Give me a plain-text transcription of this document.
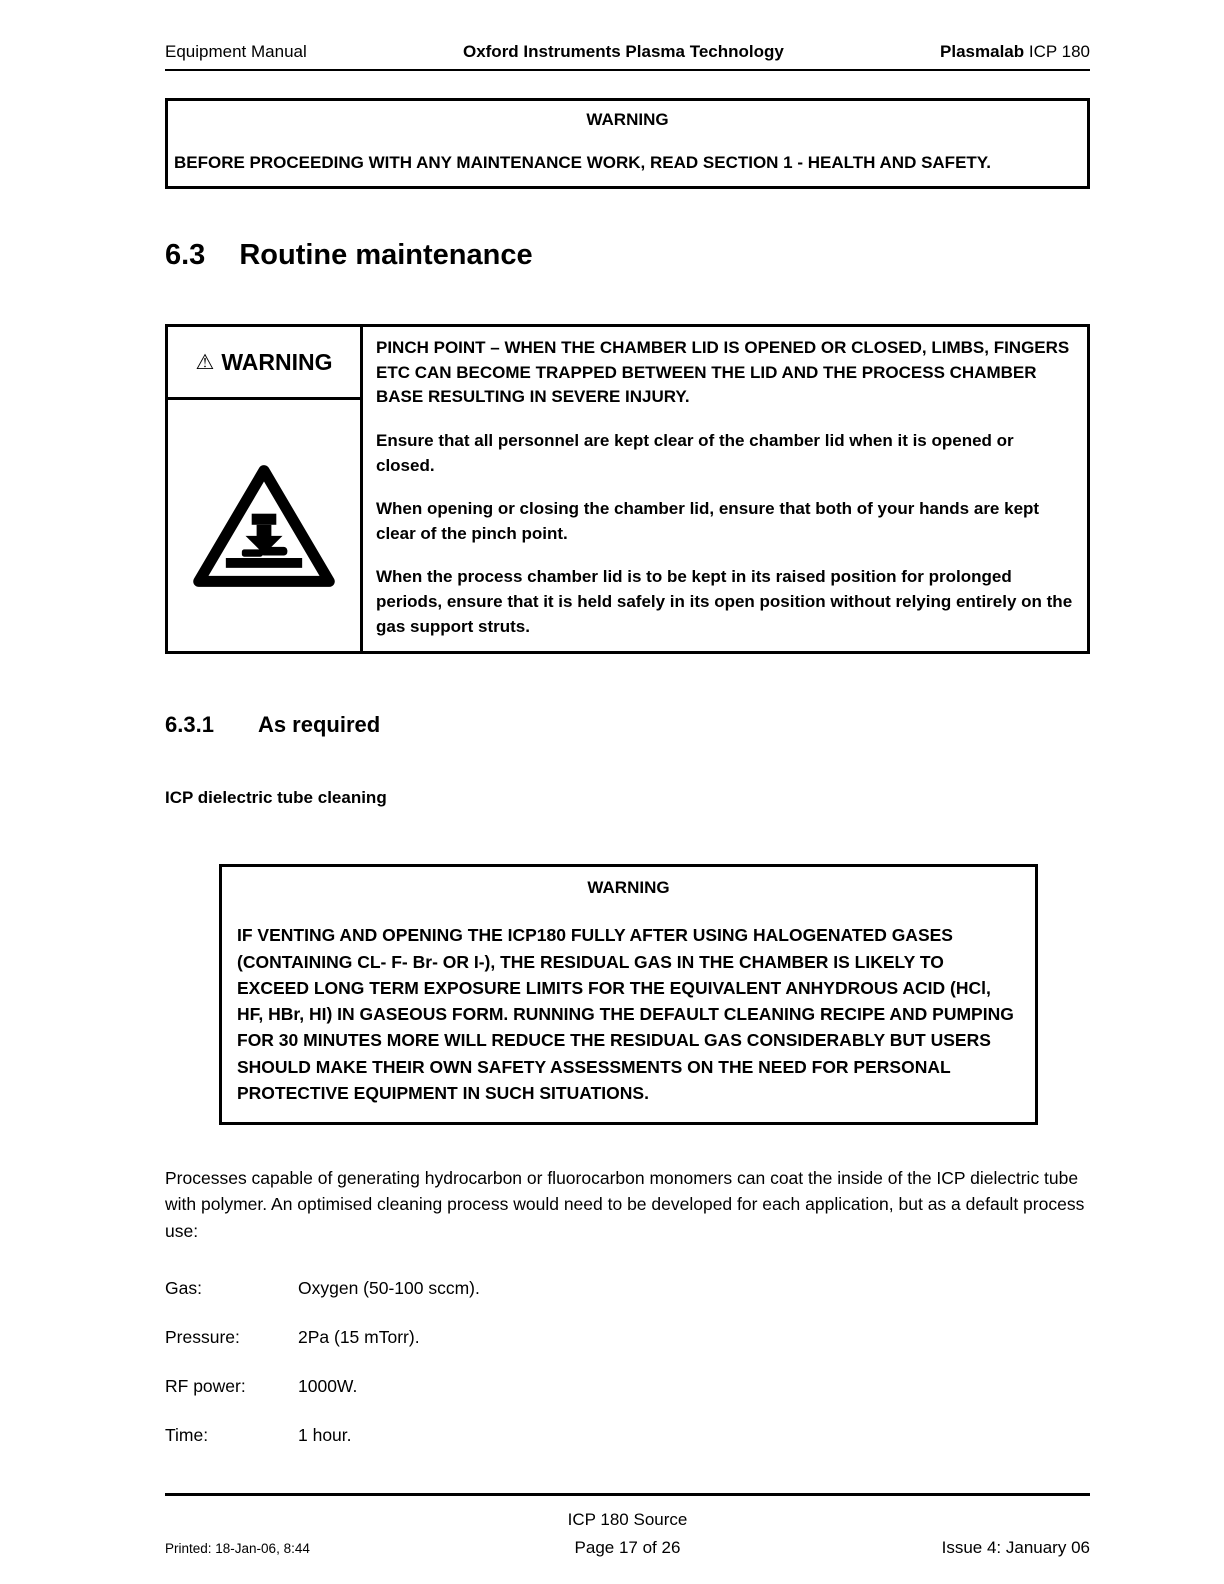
Equipment Manual	Oxford Instruments Plasma Technology	Plasmalab ICP 180
WARNING
BEFORE PROCEEDING WITH ANY MAINTENANCE WORK, READ SECTION 1 - HEALTH AND SAFETY.
6.3 Routine maintenance
⚠ WARNING

PINCH POINT – WHEN THE CHAMBER LID IS OPENED OR CLOSED, LIMBS, FINGERS ETC CAN BECOME TRAPPED BETWEEN THE LID AND THE PROCESS CHAMBER BASE RESULTING IN SEVERE INJURY.

Ensure that all personnel are kept clear of the chamber lid when it is opened or closed.

When opening or closing the chamber lid, ensure that both of your hands are kept clear of the pinch point.

When the process chamber lid is to be kept in its raised position for prolonged periods, ensure that it is held safely in its open position without relying entirely on the gas support struts.

6.3.1 As required
ICP dielectric tube cleaning
WARNING
IF VENTING AND OPENING THE ICP180 FULLY AFTER USING HALOGENATED GASES (CONTAINING CL- F- Br- OR I-), THE RESIDUAL GAS IN THE CHAMBER IS LIKELY TO EXCEED LONG TERM EXPOSURE LIMITS FOR THE EQUIVALENT ANHYDROUS ACID (HCl, HF, HBr, HI) IN GASEOUS FORM. RUNNING THE DEFAULT CLEANING RECIPE AND PUMPING FOR 30 MINUTES MORE WILL REDUCE THE RESIDUAL GAS CONSIDERABLY BUT USERS SHOULD MAKE THEIR OWN SAFETY ASSESSMENTS ON THE NEED FOR PERSONAL PROTECTIVE EQUIPMENT IN SUCH SITUATIONS.

Processes capable of generating hydrocarbon or fluorocarbon monomers can coat the inside of the ICP dielectric tube with polymer. An optimised cleaning process would need to be developed for each application, but as a default process use:

Gas:	Oxygen (50-100 sccm).
Pressure:	2Pa (15 mTorr).
RF power:	1000W.
Time:	1 hour.
ICP 180 Source
Printed: 18-Jan-06, 8:44	Page 17 of 26	Issue 4: January 06
